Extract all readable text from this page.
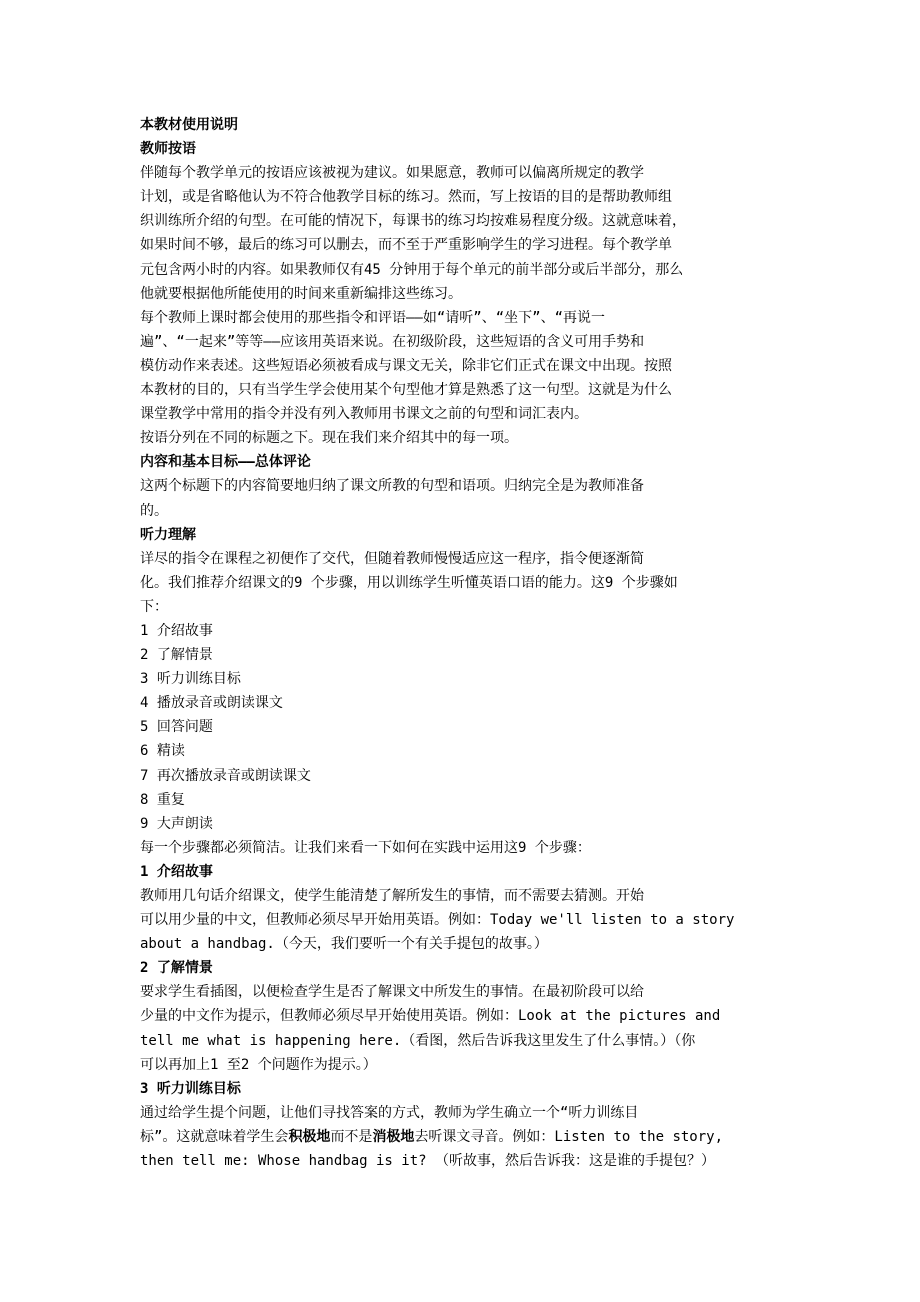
本教材使用说明
教师按语
伴随每个教学单元的按语应该被视为建议。如果愿意，教师可以偏离所规定的教学
计划，或是省略他认为不符合他教学目标的练习。然而，写上按语的目的是帮助教师组
织训练所介绍的句型。在可能的情况下，每课书的练习均按难易程度分级。这就意味着，
如果时间不够，最后的练习可以删去，而不至于严重影响学生的学习进程。每个教学单
元包含两小时的内容。如果教师仅有45 分钟用于每个单元的前半部分或后半部分，那么
他就要根据他所能使用的时间来重新编排这些练习。
每个教师上课时都会使用的那些指令和评语——如“请听”、“坐下”、“再说一
遍”、“一起来”等等——应该用英语来说。在初级阶段，这些短语的含义可用手势和
模仿动作来表述。这些短语必须被看成与课文无关，除非它们正式在课文中出现。按照
本教材的目的，只有当学生学会使用某个句型他才算是熟悉了这一句型。这就是为什么
课堂教学中常用的指令并没有列入教师用书课文之前的句型和词汇表内。
按语分列在不同的标题之下。现在我们来介绍其中的每一项。
内容和基本目标——总体评论
这两个标题下的内容简要地归纳了课文所教的句型和语项。归纳完全是为教师准备
的。
听力理解
详尽的指令在课程之初便作了交代，但随着教师慢慢适应这一程序，指令便逐渐简
化。我们推荐介绍课文的9 个步骤，用以训练学生听懂英语口语的能力。这9 个步骤如
下：
1 介绍故事
2 了解情景
3 听力训练目标
4 播放录音或朗读课文
5 回答问题
6 精读
7 再次播放录音或朗读课文
8 重复
9 大声朗读
每一个步骤都必须简洁。让我们来看一下如何在实践中运用这9 个步骤：
1 介绍故事
教师用几句话介绍课文，使学生能清楚了解所发生的事情，而不需要去猜测。开始
可以用少量的中文，但教师必须尽早开始用英语。例如：Today we'll listen to a story
about a handbag.（今天，我们要听一个有关手提包的故事。）
2 了解情景
要求学生看插图，以便检查学生是否了解课文中所发生的事情。在最初阶段可以给
少量的中文作为提示，但教师必须尽早开始使用英语。例如：Look at the pictures and
tell me what is happening here.（看图，然后告诉我这里发生了什么事情。）（你
可以再加上1 至2 个问题作为提示。）
3 听力训练目标
通过给学生提个问题，让他们寻找答案的方式，教师为学生确立一个“听力训练目
标”。这就意味着学生会积极地而不是消极地去听课文寻音。例如：Listen to the story,
then tell me: Whose handbag is it? （听故事，然后告诉我：这是谁的手提包？）
